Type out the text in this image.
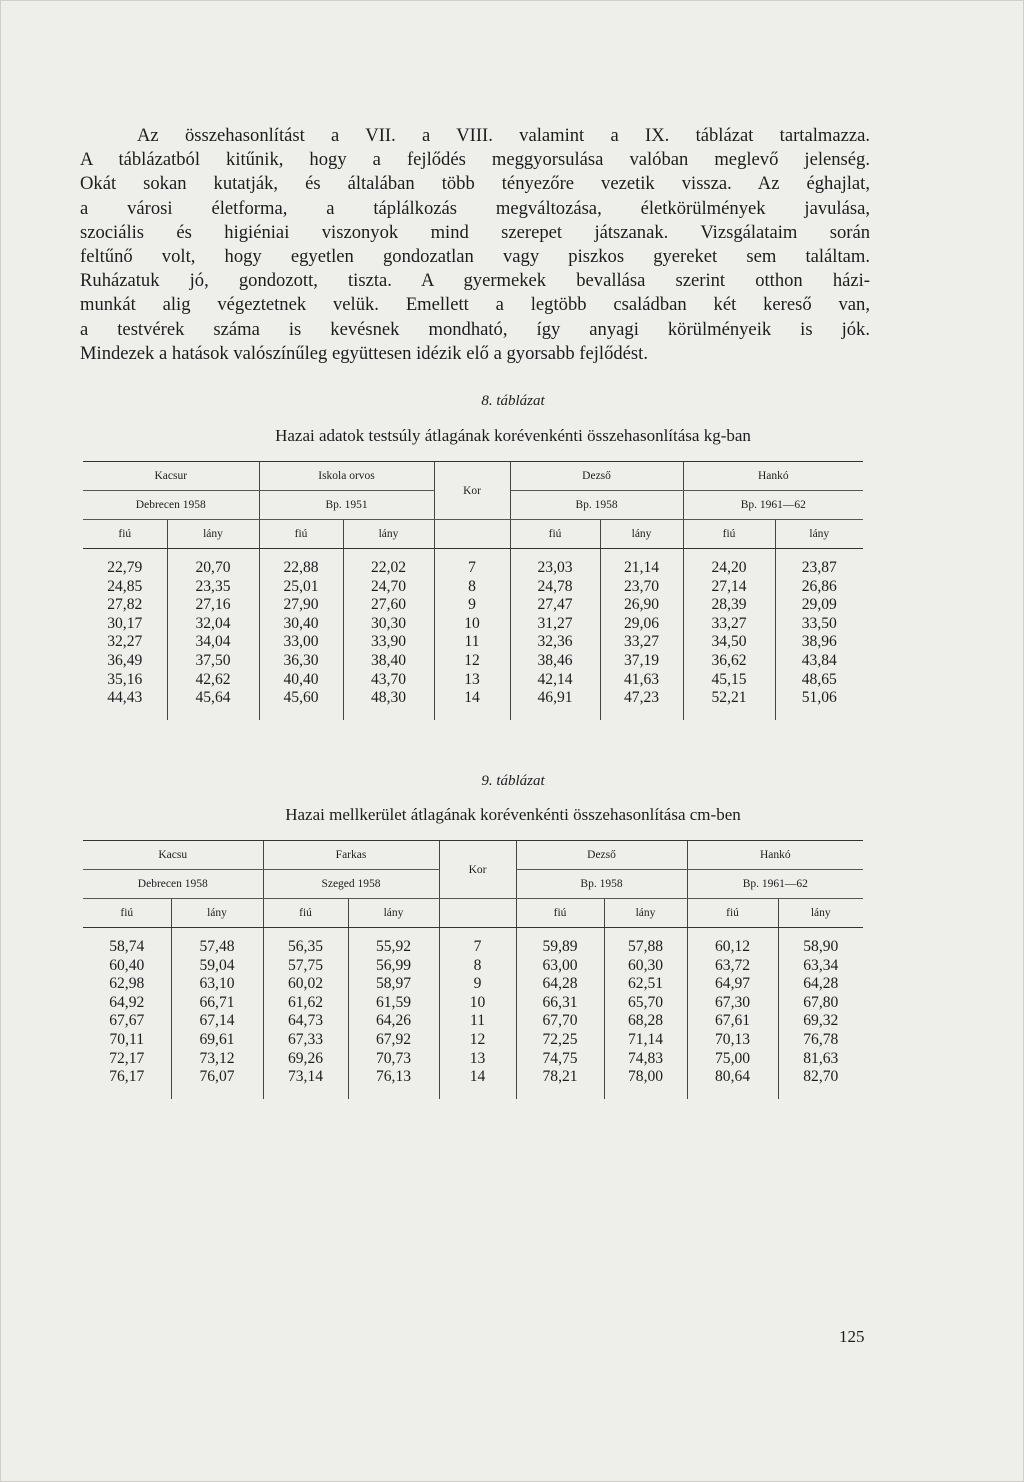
Az összehasonlítást a VII. a VIII. valamint a IX. táblázat tartalmazza.
A táblázatból kitűnik, hogy a fejlődés meggyorsulása valóban meglevő jelenség.
Okát sokan kutatják, és általában több tényezőre vezetik vissza. Az éghajlat,
a városi életforma, a táplálkozás megváltozása, életkörülmények javulása,
szociális és higiéniai viszonyok mind szerepet játszanak. Vizsgálataim során
feltűnő volt, hogy egyetlen gondozatlan vagy piszkos gyereket sem találtam.
Ruházatuk jó, gondozott, tiszta. A gyermekek bevallása szerint otthon házi-
munkát alig végeztetnek velük. Emellett a legtöbb családban két kereső van,
a testvérek száma is kevésnek mondható, így anyagi körülményeik is jók.
Mindezek a hatások valószínűleg együttesen idézik elő a gyorsabb fejlődést.
8. táblázat
Hazai adatok testsúly átlagának korévenkénti összehasonlítása kg-ban
Kacsur		Iskola orvos		Kor	Dezső		Hankó	
Debrecen 1958		Bp. 1951			Bp. 1958		Bp. 1961—62	
fiú	lány	fiú	lány		fiú	lány	fiú	lány

22,79	20,70	22,88	22,02	7	23,03	21,14	24,20	23,87
24,85	23,35	25,01	24,70	8	24,78	23,70	27,14	26,86
27,82	27,16	27,90	27,60	9	27,47	26,90	28,39	29,09
30,17	32,04	30,40	30,30	10	31,27	29,06	33,27	33,50
32,27	34,04	33,00	33,90	11	32,36	33,27	34,50	38,96
36,49	37,50	36,30	38,40	12	38,46	37,19	36,62	43,84
35,16	42,62	40,40	43,70	13	42,14	41,63	45,15	48,65
44,43	45,64	45,60	48,30	14	46,91	47,23	52,21	51,06

9. táblázat
Hazai mellkerület átlagának korévenkénti összehasonlítása cm-ben
Kacsu		Farkas		Kor	Dezső		Hankó	
Debrecen 1958		Szeged 1958			Bp. 1958		Bp. 1961—62	
fiú	lány	fiú	lány		fiú	lány	fiú	lány

58,74	57,48	56,35	55,92	7	59,89	57,88	60,12	58,90
60,40	59,04	57,75	56,99	8	63,00	60,30	63,72	63,34
62,98	63,10	60,02	58,97	9	64,28	62,51	64,97	64,28
64,92	66,71	61,62	61,59	10	66,31	65,70	67,30	67,80
67,67	67,14	64,73	64,26	11	67,70	68,28	67,61	69,32
70,11	69,61	67,33	67,92	12	72,25	71,14	70,13	76,78
72,17	73,12	69,26	70,73	13	74,75	74,83	75,00	81,63
76,17	76,07	73,14	76,13	14	78,21	78,00	80,64	82,70

125
